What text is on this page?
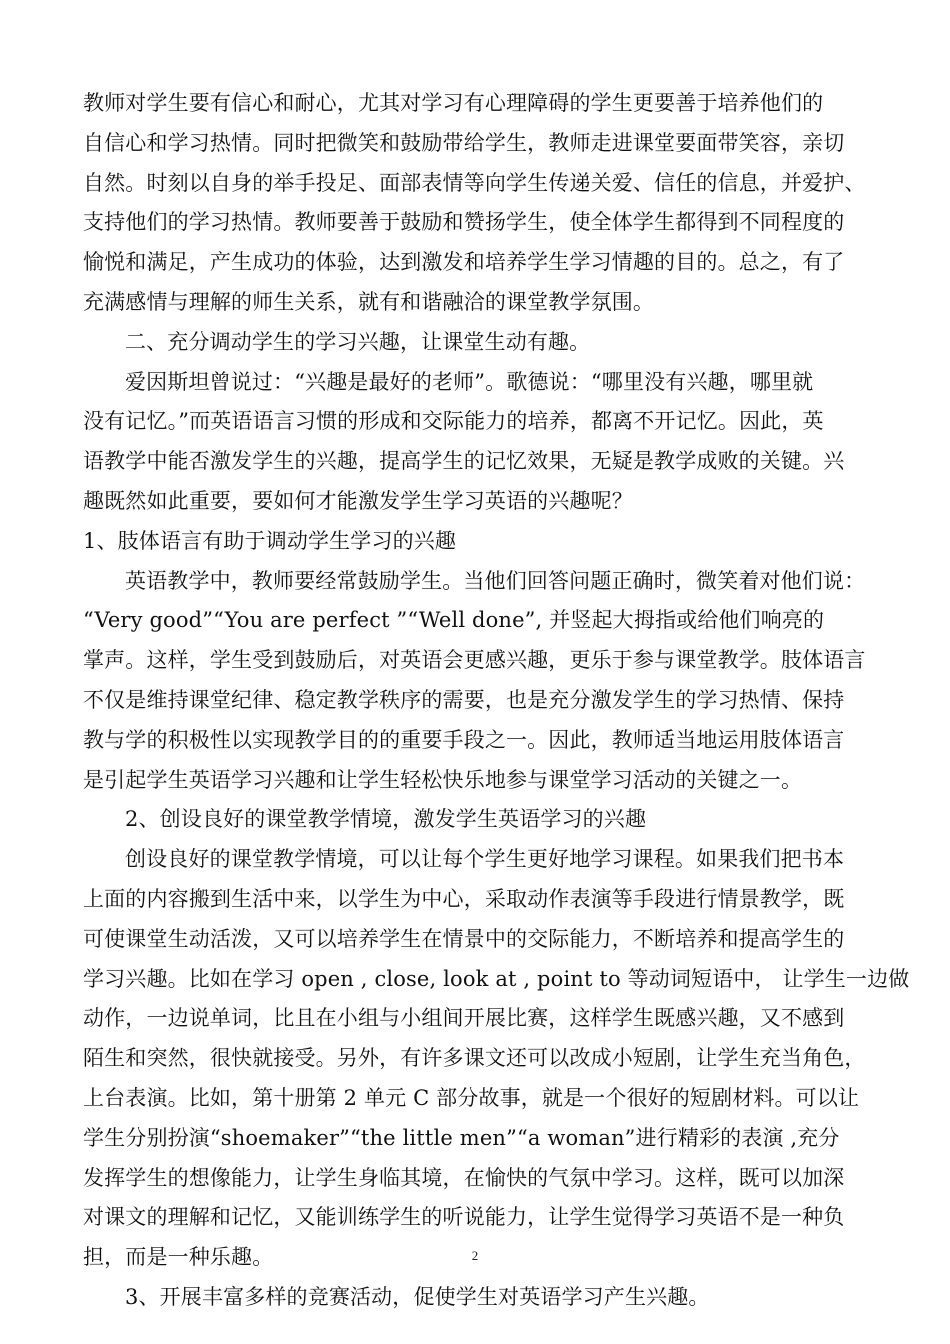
教师对学生要有信心和耐心，尤其对学习有心理障碍的学生更要善于培养他们的
自信心和学习热情。同时把微笑和鼓励带给学生，教师走进课堂要面带笑容，亲切
自然。时刻以自身的举手投足、面部表情等向学生传递关爱、信任的信息，并爱护、
支持他们的学习热情。教师要善于鼓励和赞扬学生，使全体学生都得到不同程度的
愉悦和满足，产生成功的体验，达到激发和培养学生学习情趣的目的。总之，有了
充满感情与理解的师生关系，就有和谐融洽的课堂教学氛围。
二、充分调动学生的学习兴趣，让课堂生动有趣。
爱因斯坦曾说过：“兴趣是最好的老师”。歌德说：“哪里没有兴趣，哪里就
没有记忆。”而英语语言习惯的形成和交际能力的培养，都离不开记忆。因此，英
语教学中能否激发学生的兴趣，提高学生的记忆效果，无疑是教学成败的关键。兴
趣既然如此重要，要如何才能激发学生学习英语的兴趣呢？
1、肢体语言有助于调动学生学习的兴趣
英语教学中，教师要经常鼓励学生。当他们回答问题正确时，微笑着对他们说：
“Very good”“You are perfect ”“Well done”, 并竖起大拇指或给他们响亮的
掌声。这样，学生受到鼓励后，对英语会更感兴趣，更乐于参与课堂教学。肢体语言
不仅是维持课堂纪律、稳定教学秩序的需要，也是充分激发学生的学习热情、保持
教与学的积极性以实现教学目的的重要手段之一。因此，教师适当地运用肢体语言
是引起学生英语学习兴趣和让学生轻松快乐地参与课堂学习活动的关键之一。
2、创设良好的课堂教学情境，激发学生英语学习的兴趣
创设良好的课堂教学情境，可以让每个学生更好地学习课程。如果我们把书本
上面的内容搬到生活中来，以学生为中心，采取动作表演等手段进行情景教学，既
可使课堂生动活泼，又可以培养学生在情景中的交际能力，不断培养和提高学生的
学习兴趣。比如在学习 open , close, look at , point to 等动词短语中， 让学生一边做
动作，一边说单词，比且在小组与小组间开展比赛，这样学生既感兴趣，又不感到
陌生和突然，很快就接受。另外，有许多课文还可以改成小短剧，让学生充当角色，
上台表演。比如，第十册第 2 单元 C 部分故事，就是一个很好的短剧材料。可以让
学生分别扮演“shoemaker”“the little men”“a woman”进行精彩的表演 ,充分
发挥学生的想像能力，让学生身临其境，在愉快的气氛中学习。这样，既可以加深
对课文的理解和记忆，又能训练学生的听说能力，让学生觉得学习英语不是一种负
担，而是一种乐趣。
3、开展丰富多样的竞赛活动，促使学生对英语学习产生兴趣。
2
